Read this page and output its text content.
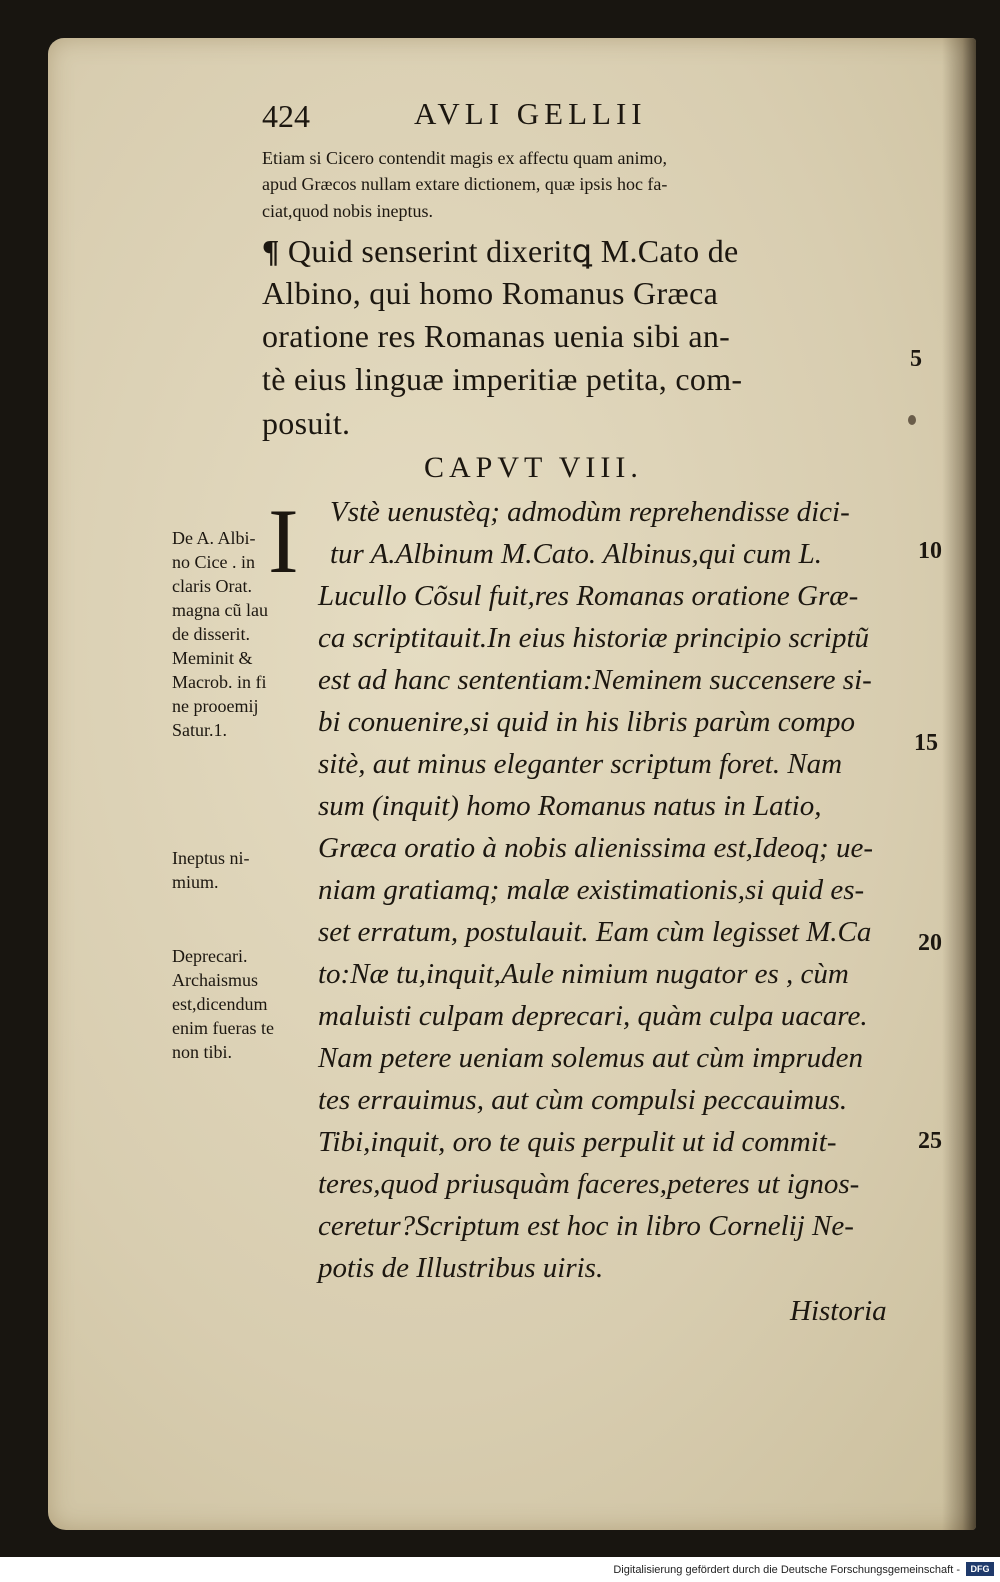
424	AVLI GELLII
Etiam si Cicero contendit magis ex affectu quam animo,
apud Græcos nullam extare dictionem, quæ ipsis hoc fa-
ciat,quod nobis ineptus.
¶ Quid senserint dixeritꝗ M.Cato de
Albino, qui homo Romanus Græca
oratione res Romanas uenia sibi an-
tè eius linguæ imperitiæ petita, com-
posuit.
CAPVT VIII.
I Vstè uenustèq; admodùm reprehendisse dici-
tur A.Albinum M.Cato. Albinus,qui cum L.
Lucullo Cõsul fuit,res Romanas oratione Græ-
ca scriptitauit.In eius historiæ principio scriptũ
est ad hanc sententiam:Neminem succensere si-
bi conuenire,si quid in his libris parùm compo
sitè, aut minus eleganter scriptum foret. Nam
sum (inquit) homo Romanus natus in Latio,
Græca oratio à nobis alienissima est,Ideoq; ue-
niam gratiamq; malæ existimationis,si quid es-
set erratum, postulauit. Eam cùm legisset M.Ca
to:Næ tu,inquit,Aule nimium nugator es , cùm
maluisti culpam deprecari, quàm culpa uacare.
Nam petere ueniam solemus aut cùm impruden
tes errauimus, aut cùm compulsi peccauimus.
Tibi,inquit, oro te quis perpulit ut id commit-
teres,quod priusquàm faceres,peteres ut ignos-
ceretur?Scriptum est hoc in libro Cornelij Ne-
potis de Illustribus uiris.
Historia
De A. Albi-
no Cice . in
claris Orat.
magna cũ lau
de disserit.
Meminit &
Macrob. in fi
ne prooemij
Satur.1.
Ineptus ni-
mium.
Deprecari.
Archaismus
est,dicendum
enim fueras te
non tibi.
5
10
15
20
25
Digitalisierung gefördert durch die Deutsche Forschungsgemeinschaft -	DFG
